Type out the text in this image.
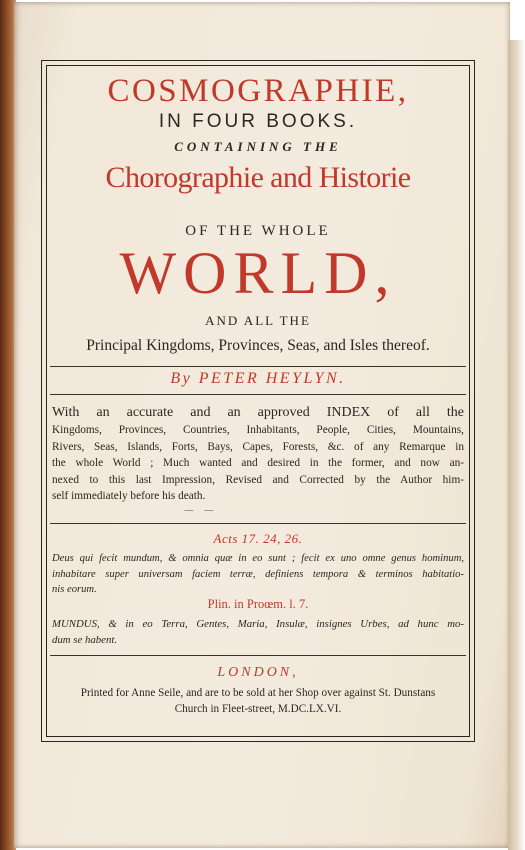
COSMOGRAPHIE,
IN FOUR BOOKS.
CONTAINING THE
Chorographie and Historie
OF THE WHOLE
WORLD,
AND ALL THE
Principal Kingdoms, Provinces, Seas, and Isles thereof.
By PETER HEYLYN.
With an accurate and an approved INDEX of all the
Kingdoms, Provinces, Countries, Inhabitants, People, Cities, Mountains,
Rivers, Seas, Islands, Forts, Bays, Capes, Forests, &c. of any Remarque in
the whole World ; Much wanted and desired in the former, and now an-
nexed to this last Impression, Revised and Corrected by the Author him-
self immediately before his death.
— — 
Acts 17. 24, 26.
Deus qui fecit mundum, & omnia quæ in eo sunt ; fecit ex uno omne genus hominum,
inhabitare super universam faciem terræ, definiens tempora & terminos habitatio-
nis eorum.
Plin. in Proœm. l. 7.
MUNDUS, & in eo Terra, Gentes, Maria, Insulæ, insignes Urbes, ad hunc mo-
dum se habent.
LONDON,
Printed for Anne Seile, and are to be sold at her Shop over against St. Dunstans
Church in Fleet-street, M.DC.LX.VI.
